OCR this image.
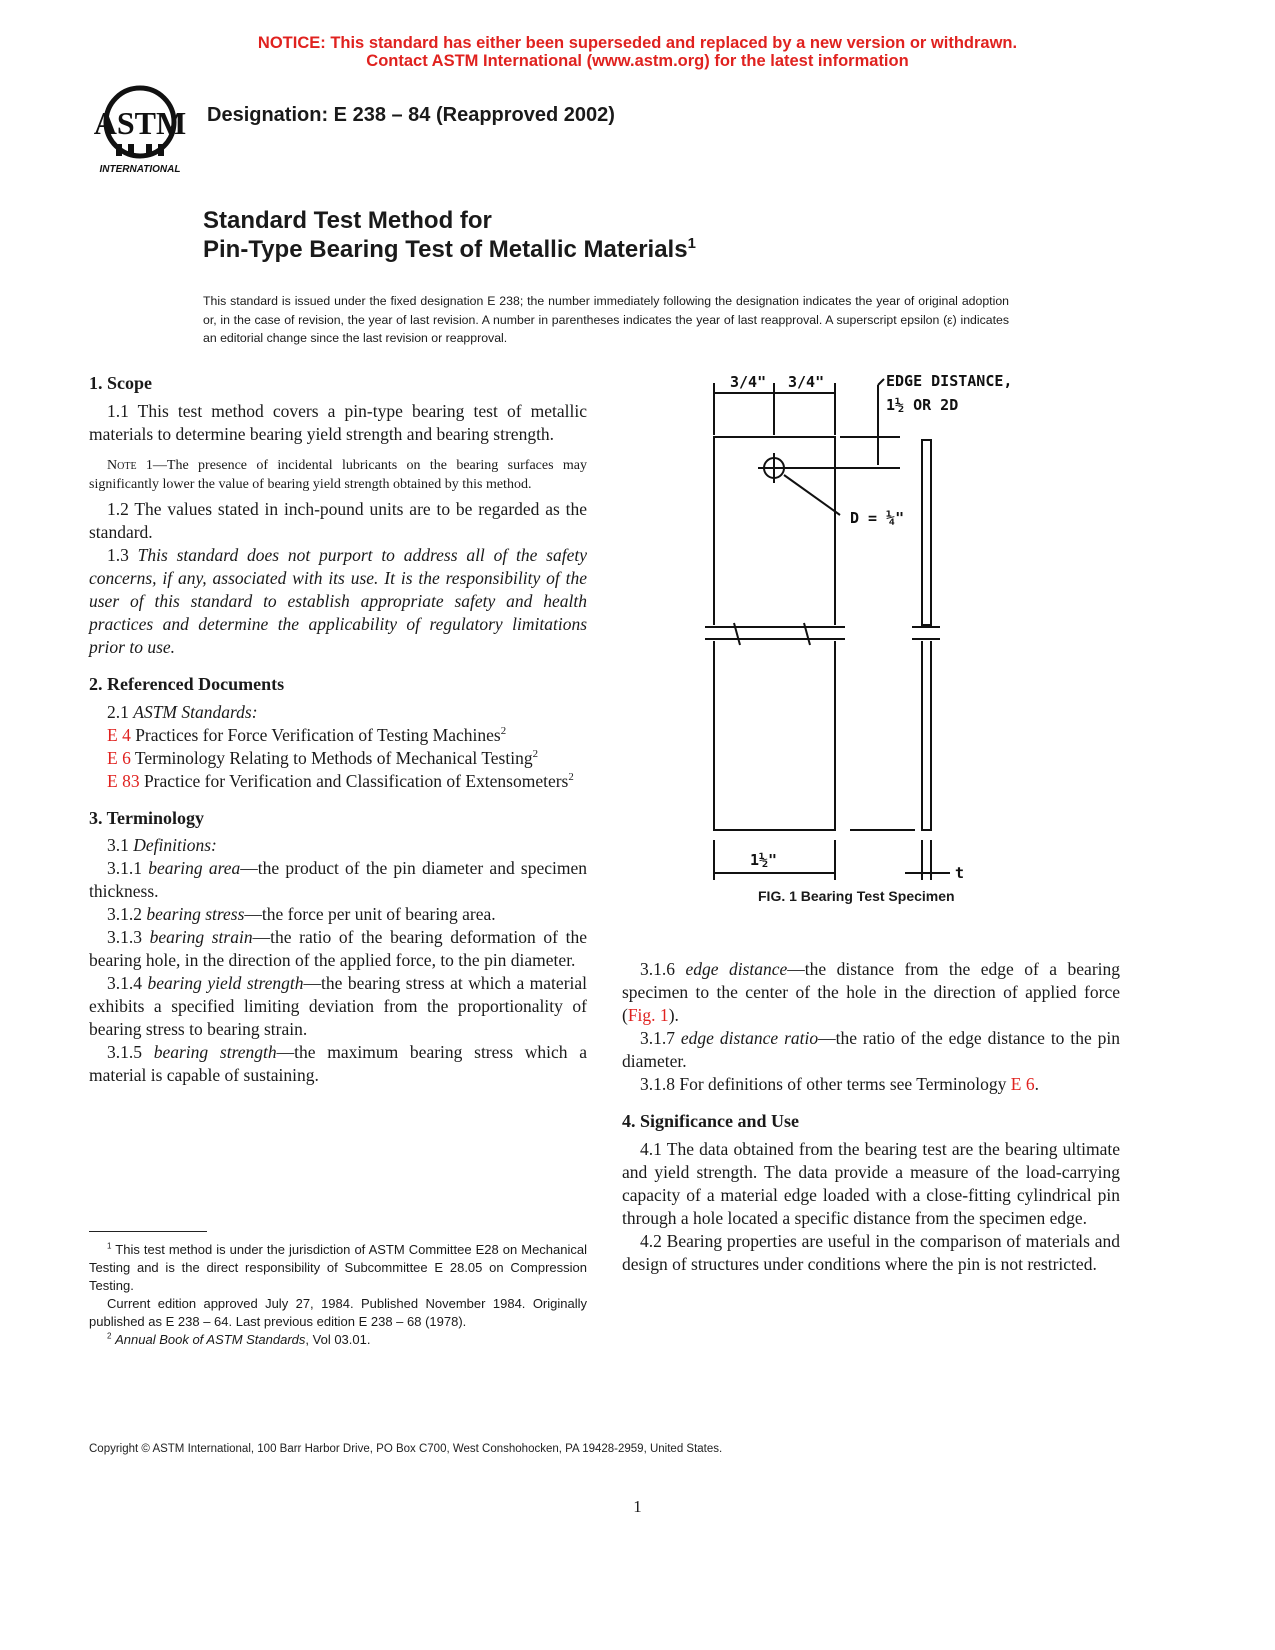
NOTICE: This standard has either been superseded and replaced by a new version or withdrawn.
Contact ASTM International (www.astm.org) for the latest information
ASTM
INTERNATIONAL
Designation: E 238 – 84 (Reapproved 2002)
Standard Test Method for
Pin-Type Bearing Test of Metallic Materials$^1$
This standard is issued under the fixed designation E 238; the number immediately following the designation indicates the year of original adoption or, in the case of revision, the year of last revision. A number in parentheses indicates the year of last reapproval. A superscript epsilon (ε) indicates an editorial change since the last revision or reapproval.

1. Scope

1.1 This test method covers a pin-type bearing test of metallic materials to determine bearing yield strength and bearing strength.

Note 1—The presence of incidental lubricants on the bearing surfaces may significantly lower the value of bearing yield strength obtained by this method.

1.2 The values stated in inch-pound units are to be regarded as the standard.

1.3 This standard does not purport to address all of the safety concerns, if any, associated with its use. It is the responsibility of the user of this standard to establish appropriate safety and health practices and determine the applicability of regulatory limitations prior to use.

2. Referenced Documents

2.1 ASTM Standards:

E 4 Practices for Force Verification of Testing Machines$^2$

E 6 Terminology Relating to Methods of Mechanical Testing$^2$

E 83 Practice for Verification and Classification of Extensometers$^2$

3. Terminology

3.1 Definitions:

3.1.1 bearing area—the product of the pin diameter and specimen thickness.

3.1.2 bearing stress—the force per unit of bearing area.

3.1.3 bearing strain—the ratio of the bearing deformation of the bearing hole, in the direction of the applied force, to the pin diameter.

3.1.4 bearing yield strength—the bearing stress at which a material exhibits a specified limiting deviation from the proportionality of bearing stress to bearing strain.

3.1.5 bearing strength—the maximum bearing stress which a material is capable of sustaining.

$^1$ This test method is under the jurisdiction of ASTM Committee E28 on Mechanical Testing and is the direct responsibility of Subcommittee E 28.05 on Compression Testing.

Current edition approved July 27, 1984. Published November 1984. Originally published as E 238 – 64. Last previous edition E 238 – 68 (1978).

$^2$ Annual Book of ASTM Standards, Vol 03.01.

3/4" 3/4"	EDGE DISTANCE,
1½ OR 2D
D = ¼"
1½"
t
FIG. 1 Bearing Test Specimen

3.1.6 edge distance—the distance from the edge of a bearing specimen to the center of the hole in the direction of applied force (Fig. 1).

3.1.7 edge distance ratio—the ratio of the edge distance to the pin diameter.

3.1.8 For definitions of other terms see Terminology E 6.

4. Significance and Use

4.1 The data obtained from the bearing test are the bearing ultimate and yield strength. The data provide a measure of the load-carrying capacity of a material edge loaded with a close-fitting cylindrical pin through a hole located a specific distance from the specimen edge.

4.2 Bearing properties are useful in the comparison of materials and design of structures under conditions where the pin is not restricted.

Copyright © ASTM International, 100 Barr Harbor Drive, PO Box C700, West Conshohocken, PA 19428-2959, United States.
1
